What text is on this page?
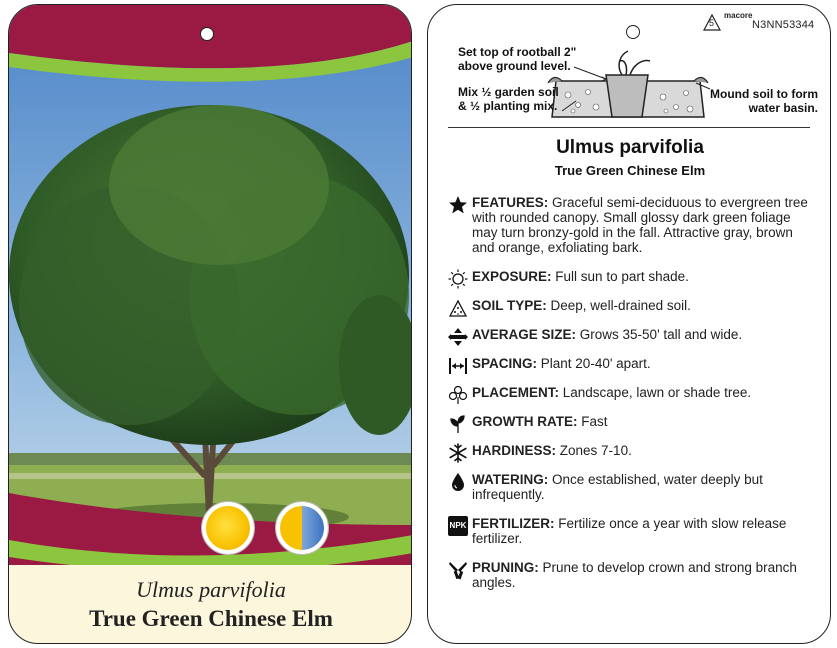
Ulmus parvifolia
True Green Chinese Elm
5
macore
N3NN53344
Set top of rootball 2"
above ground level.
Mix ½ garden soil
& ½ planting mix.
Mound soil to form
water basin.
Ulmus parvifolia
True Green Chinese Elm
FEATURES: Graceful semi-deciduous to evergreen tree with rounded canopy. Small glossy dark green foliage may turn bronzy-gold in the fall. Attractive gray, brown and orange, exfoliating bark.
EXPOSURE: Full sun to part shade.
SOIL TYPE: Deep, well-drained soil.
AVERAGE SIZE: Grows 35-50' tall and wide.
SPACING: Plant 20-40' apart.
PLACEMENT: Landscape, lawn or shade tree.
GROWTH RATE: Fast
HARDINESS: Zones 7-10.
WATERING: Once established, water deeply but infrequently.
NPK FERTILIZER: Fertilize once a year with slow release fertilizer.
PRUNING: Prune to develop crown and strong branch angles.
